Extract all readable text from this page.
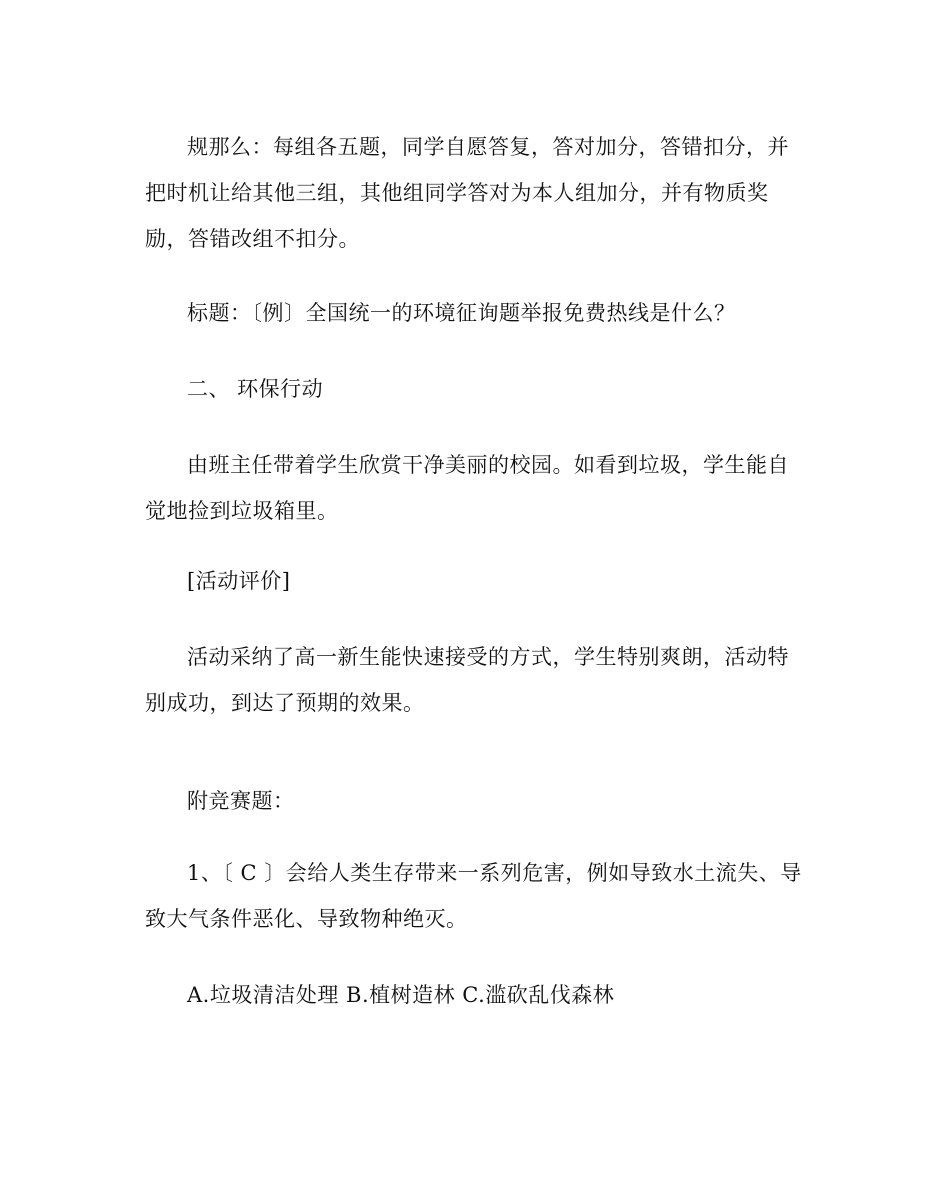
规那么：每组各五题，同学自愿答复，答对加分，答错扣分，并把时机让给其他三组，其他组同学答对为本人组加分，并有物质奖励，答错改组不扣分。

标题：〔例〕全国统一的环境征询题举报免费热线是什么？

二、 环保行动

由班主任带着学生欣赏干净美丽的校园。如看到垃圾，学生能自觉地捡到垃圾箱里。

[活动评价]

活动采纳了高一新生能快速接受的方式，学生特别爽朗，活动特别成功，到达了预期的效果。

附竞赛题：

1、〔 C 〕会给人类生存带来一系列危害，例如导致水土流失、导致大气条件恶化、导致物种绝灭。

A.垃圾清洁处理 B.植树造林 C.滥砍乱伐森林
